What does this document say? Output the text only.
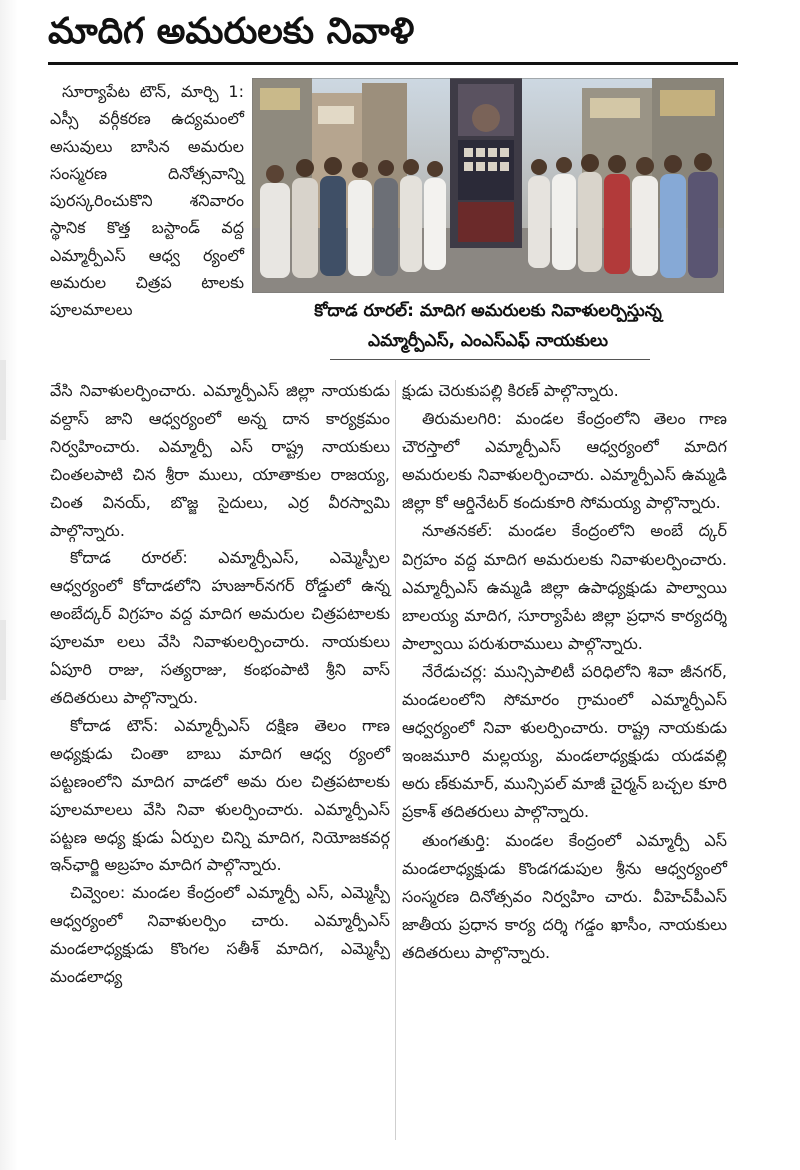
మాదిగ అమరులకు నివాళి

సూర్యాపేట టౌన్, మార్చి 1: ఎస్సీ వర్గీకరణ ఉద్యమంలో అసువులు బాసిన అమరుల సంస్మరణ దినోత్సవాన్ని పురస్కరించుకొని శనివారం స్థానిక కొత్త బస్టాండ్ వద్ద ఎమ్మార్పీఎస్ ఆధ్వ ర్యంలో అమరుల చిత్రప టాలకు పూలమాలలు	కోదాడ రూరల్: మాదిగ అమరులకు నివాళులర్పిస్తున్న
ఎమ్మార్పీఎస్, ఎంఎస్ఎఫ్ నాయకులు

వేసి నివాళులర్పించారు. ఎమ్మార్పీఎస్ జిల్లా నాయకుడు వల్దాస్ జాని ఆధ్వర్యంలో అన్న దాన కార్యక్రమం నిర్వహించారు. ఎమ్మార్పీ ఎస్ రాష్ట్ర నాయకులు చింతలపాటి చిన శ్రీరా ములు, యాతాకుల రాజయ్య, చింత వినయ్, బొజ్జ సైదులు, ఎర్ర వీరస్వామి పాల్గొన్నారు.

కోదాడ రూరల్: ఎమ్మార్పీఎస్, ఎమ్మెస్పీల ఆధ్వర్యంలో కోదాడలోని హుజూర్‌నగర్ రోడ్డులో ఉన్న అంబేద్కర్ విగ్రహం వద్ద మాదిగ అమరుల చిత్రపటాలకు పూలమా లలు వేసి నివాళులర్పించారు. నాయకులు ఏపూరి రాజు, సత్యరాజు, కంభంపాటి శ్రీని వాస్ తదితరులు పాల్గొన్నారు.

కోదాడ టౌన్: ఎమ్మార్పీఎస్ దక్షిణ తెలం గాణ అధ్యక్షుడు చింతా బాబు మాదిగ ఆధ్వ ర్యంలో పట్టణంలోని మాదిగ వాడలో అమ రుల చిత్రపటాలకు పూలమాలలు వేసి నివా ళులర్పించారు. ఎమ్మార్పీఎస్ పట్టణ అధ్య క్షుడు ఏర్పుల చిన్ని మాదిగ, నియోజకవర్గ ఇన్‌ఛార్జి అబ్రహం మాదిగ పాల్గొన్నారు.

చివ్వెంల: మండల కేంద్రంలో ఎమ్మార్పీ ఎస్, ఎమ్మెస్పీ ఆధ్వర్యంలో నివాళులర్పిం చారు. ఎమ్మార్పీఎస్ మండలాధ్యక్షుడు కొంగల సతీశ్ మాదిగ, ఎమ్మెస్పీ మండలాధ్య

క్షుడు చెరుకుపల్లి కిరణ్ పాల్గొన్నారు.

తిరుమలగిరి: మండల కేంద్రంలోని తెలం గాణ చౌరస్తాలో ఎమ్మార్పీఎస్ ఆధ్వర్యంలో మాదిగ అమరులకు నివాళులర్పించారు. ఎమ్మార్పీఎస్ ఉమ్మడి జిల్లా కో ఆర్డినేటర్ కందుకూరి సోమయ్య పాల్గొన్నారు.

నూతనకల్: మండల కేంద్రంలోని అంబే ద్కర్ విగ్రహం వద్ద మాదిగ అమరులకు నివాళులర్పించారు. ఎమ్మార్పీఎస్ ఉమ్మడి జిల్లా ఉపాధ్యక్షుడు పాల్వాయి బాలయ్య మాదిగ, సూర్యాపేట జిల్లా ప్రధాన కార్యదర్శి పాల్వాయి పరుశురాములు పాల్గొన్నారు.

నేరేడుచర్ల: మున్సిపాలిటీ పరిధిలోని శివా జీనగర్, మండలంలోని సోమారం గ్రామంలో ఎమ్మార్పీఎస్ ఆధ్వర్యంలో నివా ళులర్పించారు. రాష్ట్ర నాయకుడు ఇంజమూరి మల్లయ్య, మండలాధ్యక్షుడు యడవల్లి అరు ణ్‌కుమార్, మున్సిపల్ మాజీ చైర్మన్ బచ్చల కూరి ప్రకాశ్ తదితరులు పాల్గొన్నారు.

తుంగతుర్తి: మండల కేంద్రంలో ఎమ్మార్పీ ఎస్ మండలాధ్యక్షుడు కొండగడుపుల శ్రీను ఆధ్వర్యంలో సంస్మరణ దినోత్సవం నిర్వహిం చారు. వీహెచ్‌పీఎస్ జాతీయ ప్రధాన కార్య దర్శి గడ్డం ఖాసీం, నాయకులు తదితరులు పాల్గొన్నారు.
